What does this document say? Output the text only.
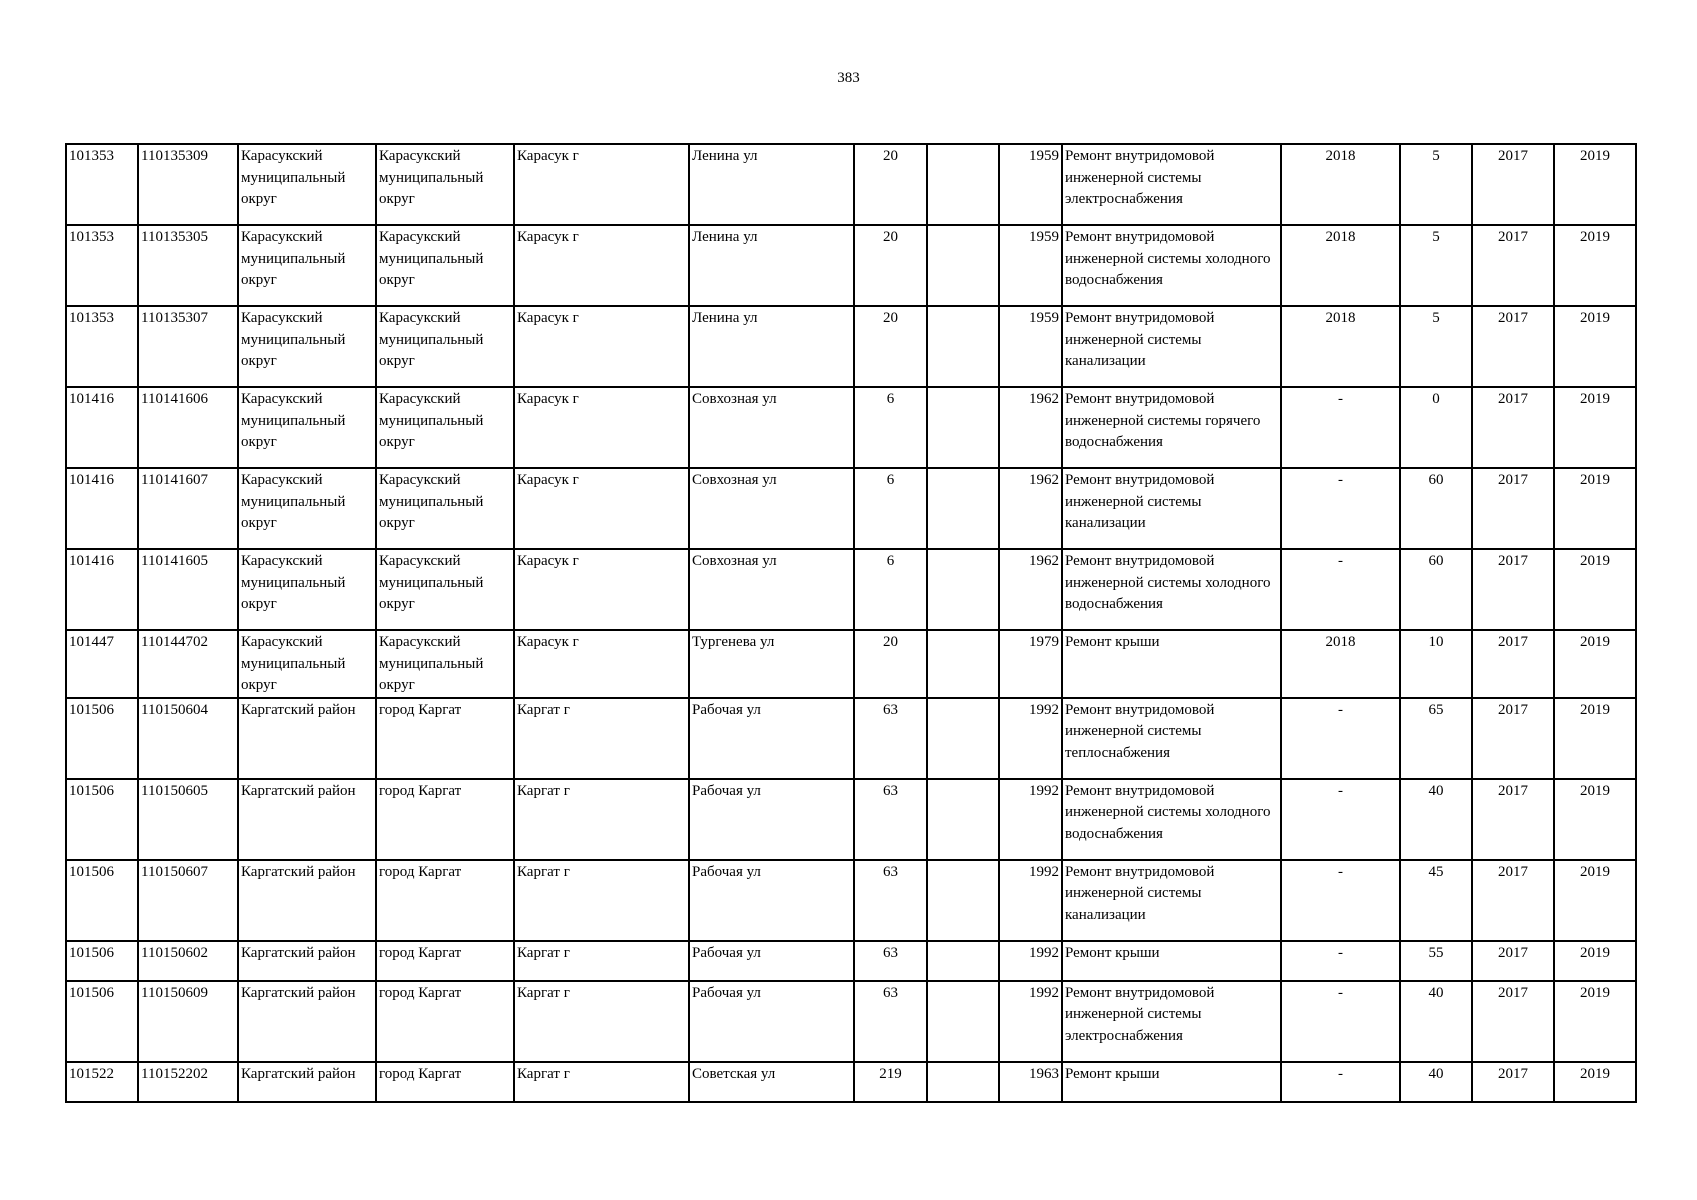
383
101353	110135309	Карасукский муниципальный округ	Карасукский муниципальный округ	Карасук г	Ленина ул	20		1959	Ремонт внутридомовой инженерной системы электроснабжения	2018	5	2017	2019
101353	110135305	Карасукский муниципальный округ	Карасукский муниципальный округ	Карасук г	Ленина ул	20		1959	Ремонт внутридомовой инженерной системы холодного водоснабжения	2018	5	2017	2019
101353	110135307	Карасукский муниципальный округ	Карасукский муниципальный округ	Карасук г	Ленина ул	20		1959	Ремонт внутридомовой инженерной системы канализации	2018	5	2017	2019
101416	110141606	Карасукский муниципальный округ	Карасукский муниципальный округ	Карасук г	Совхозная ул	6		1962	Ремонт внутридомовой инженерной системы горячего водоснабжения	-	0	2017	2019
101416	110141607	Карасукский муниципальный округ	Карасукский муниципальный округ	Карасук г	Совхозная ул	6		1962	Ремонт внутридомовой инженерной системы канализации	-	60	2017	2019
101416	110141605	Карасукский муниципальный округ	Карасукский муниципальный округ	Карасук г	Совхозная ул	6		1962	Ремонт внутридомовой инженерной системы холодного водоснабжения	-	60	2017	2019
101447	110144702	Карасукский муниципальный округ	Карасукский муниципальный округ	Карасук г	Тургенева ул	20		1979	Ремонт крыши	2018	10	2017	2019
101506	110150604	Каргатский район	город Каргат	Каргат г	Рабочая ул	63		1992	Ремонт внутридомовой инженерной системы теплоснабжения	-	65	2017	2019
101506	110150605	Каргатский район	город Каргат	Каргат г	Рабочая ул	63		1992	Ремонт внутридомовой инженерной системы холодного водоснабжения	-	40	2017	2019
101506	110150607	Каргатский район	город Каргат	Каргат г	Рабочая ул	63		1992	Ремонт внутридомовой инженерной системы канализации	-	45	2017	2019
101506	110150602	Каргатский район	город Каргат	Каргат г	Рабочая ул	63		1992	Ремонт крыши	-	55	2017	2019
101506	110150609	Каргатский район	город Каргат	Каргат г	Рабочая ул	63		1992	Ремонт внутридомовой инженерной системы электроснабжения	-	40	2017	2019
101522	110152202	Каргатский район	город Каргат	Каргат г	Советская ул	219		1963	Ремонт крыши	-	40	2017	2019
